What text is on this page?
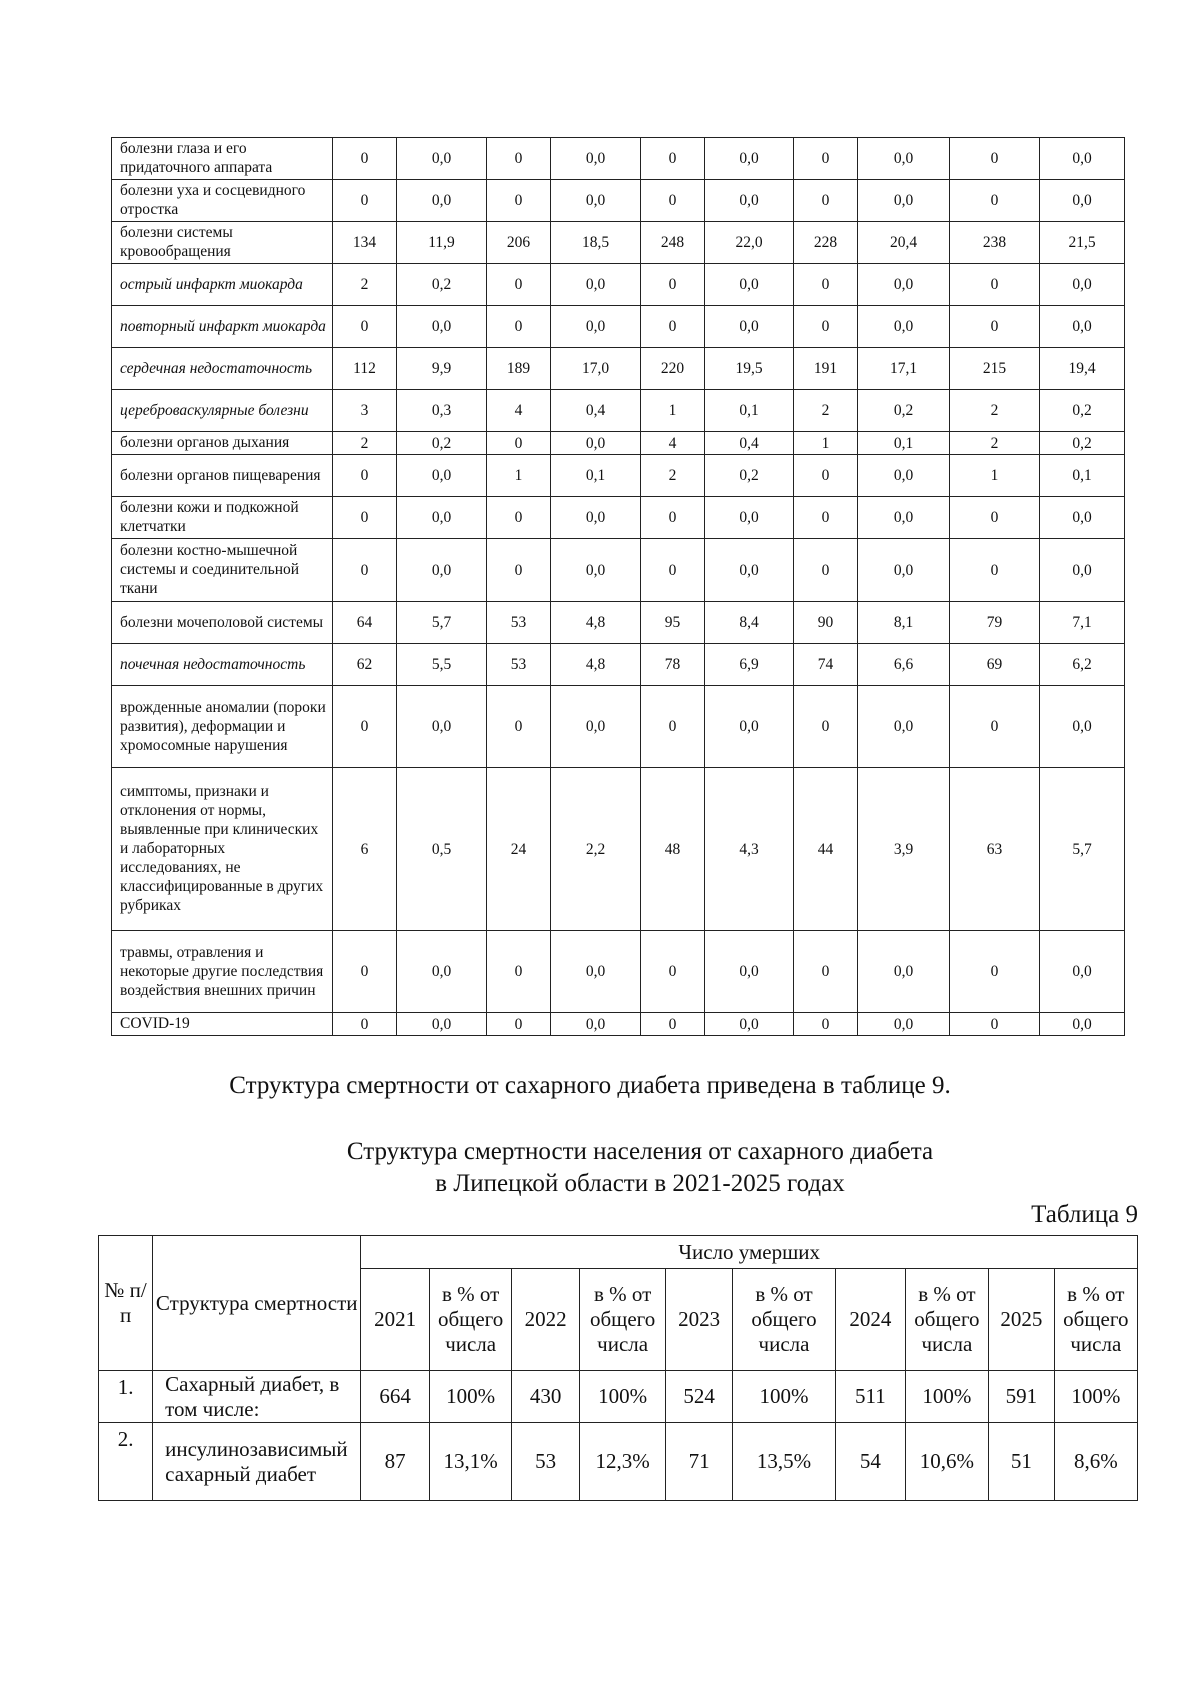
болезни глаза и его придаточного аппарата	0	0,0	0	0,0	0	0,0	0	0,0	0	0,0
болезни уха и сосцевидного отростка	0	0,0	0	0,0	0	0,0	0	0,0	0	0,0
болезни системы кровообращения	134	11,9	206	18,5	248	22,0	228	20,4	238	21,5
острый инфаркт миокарда	2	0,2	0	0,0	0	0,0	0	0,0	0	0,0
повторный инфаркт миокарда	0	0,0	0	0,0	0	0,0	0	0,0	0	0,0
сердечная недостаточность	112	9,9	189	17,0	220	19,5	191	17,1	215	19,4
цереброваскулярные болезни	3	0,3	4	0,4	1	0,1	2	0,2	2	0,2
болезни органов дыхания	2	0,2	0	0,0	4	0,4	1	0,1	2	0,2
болезни органов пищеварения	0	0,0	1	0,1	2	0,2	0	0,0	1	0,1
болезни кожи и подкожной клетчатки	0	0,0	0	0,0	0	0,0	0	0,0	0	0,0
болезни костно-мышечной системы и соединительной ткани	0	0,0	0	0,0	0	0,0	0	0,0	0	0,0
болезни мочеполовой системы	64	5,7	53	4,8	95	8,4	90	8,1	79	7,1
почечная недостаточность	62	5,5	53	4,8	78	6,9	74	6,6	69	6,2
врожденные аномалии (пороки развития), деформации и хромосомные нарушения	0	0,0	0	0,0	0	0,0	0	0,0	0	0,0
симптомы, признаки и отклонения от нормы, выявленные при клинических и лабораторных исследованиях, не классифицированные в других рубриках	6	0,5	24	2,2	48	4,3	44	3,9	63	5,7
травмы, отравления и некоторые другие последствия воздействия внешних причин	0	0,0	0	0,0	0	0,0	0	0,0	0	0,0
COVID-19	0	0,0	0	0,0	0	0,0	0	0,0	0	0,0
Структура смертности от сахарного диабета приведена в таблице 9.
Структура смертности населения от сахарного диабета
в Липецкой области в 2021-2025 годах
Таблица 9
№ п/п	Структура смертности	Число умерших									
		2021	в % от общего числа	2022	в % от общего числа	2023	в % от общего числа	2024	в % от общего числа	2025	в % от общего числа
1.	Сахарный диабет, в том числе:	664	100%	430	100%	524	100%	511	100%	591	100%
2.	инсулинозависимый сахарный диабет	87	13,1%	53	12,3%	71	13,5%	54	10,6%	51	8,6%
